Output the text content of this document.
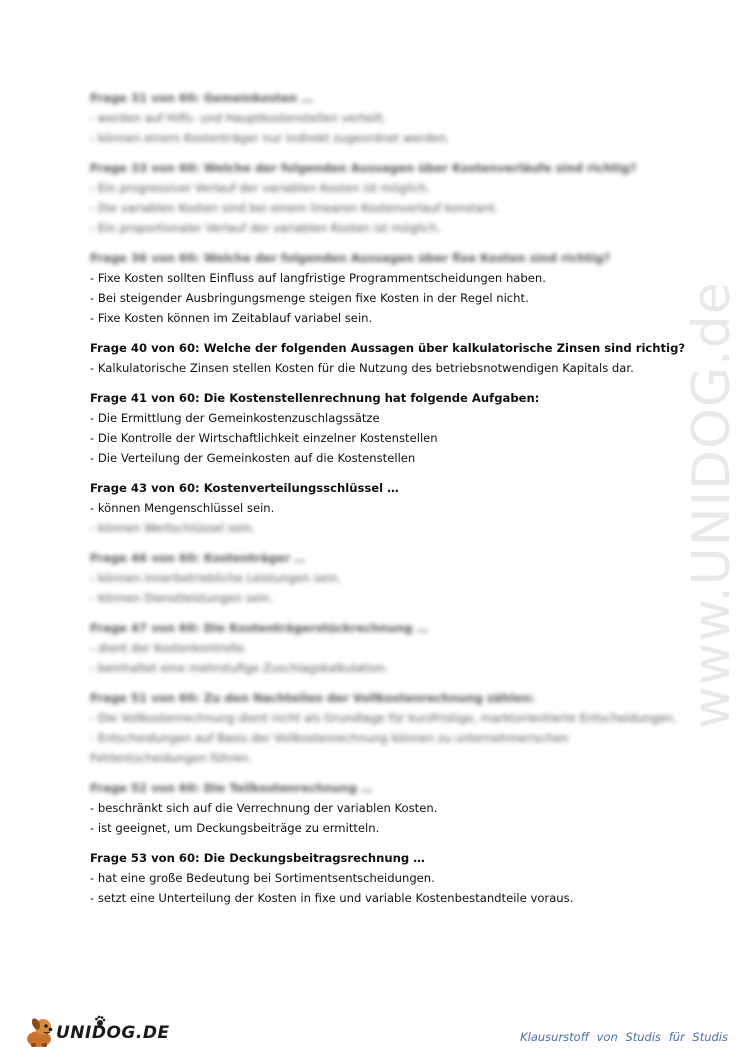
www.UNIDOG.de
Frage 31 von 60: Gemeinkosten …
- werden auf Hilfs- und Hauptkostenstellen verteilt.
- können einem Kostenträger nur indirekt zugeordnet werden.
Frage 33 von 60: Welche der folgenden Aussagen über Kostenverläufe sind richtig?
- Ein progressiver Verlauf der variablen Kosten ist möglich.
- Die variablen Kosten sind bei einem linearen Kostenverlauf konstant.
- Ein proportionaler Verlauf der variablen Kosten ist möglich.
Frage 36 von 60: Welche der folgenden Aussagen über fixe Kosten sind richtig?
- Fixe Kosten sollten Einfluss auf langfristige Programmentscheidungen haben.
- Bei steigender Ausbringungsmenge steigen fixe Kosten in der Regel nicht.
- Fixe Kosten können im Zeitablauf variabel sein.
Frage 40 von 60: Welche der folgenden Aussagen über kalkulatorische Zinsen sind richtig?
- Kalkulatorische Zinsen stellen Kosten für die Nutzung des betriebsnotwendigen Kapitals dar.
Frage 41 von 60: Die Kostenstellenrechnung hat folgende Aufgaben:
- Die Ermittlung der Gemeinkostenzuschlagssätze
- Die Kontrolle der Wirtschaftlichkeit einzelner Kostenstellen
- Die Verteilung der Gemeinkosten auf die Kostenstellen
Frage 43 von 60: Kostenverteilungsschlüssel …
- können Mengenschlüssel sein.
- können Wertschlüssel sein.
Frage 46 von 60: Kostenträger …
- können innerbetriebliche Leistungen sein.
- können Dienstleistungen sein.
Frage 47 von 60: Die Kostenträgerstückrechnung …
- dient der Kostenkontrolle.
- beinhaltet eine mehrstufige Zuschlagskalkulation.
Frage 51 von 60: Zu den Nachteilen der Vollkostenrechnung zählen:
- Die Vollkostenrechnung dient nicht als Grundlage für kurzfristige, marktorientierte Entscheidungen.
- Entscheidungen auf Basis der Vollkostenrechnung können zu unternehmerischen
Fehlentscheidungen führen.
Frage 52 von 60: Die Teilkostenrechnung …
- beschränkt sich auf die Verrechnung der variablen Kosten.
- ist geeignet, um Deckungsbeiträge zu ermitteln.
Frage 53 von 60: Die Deckungsbeitragsrechnung …
- hat eine große Bedeutung bei Sortimentsentscheidungen.
- setzt eine Unterteilung der Kosten in fixe und variable Kostenbestandteile voraus.
UNIDOG.DE	Klausurstoff von Studis für Studis
